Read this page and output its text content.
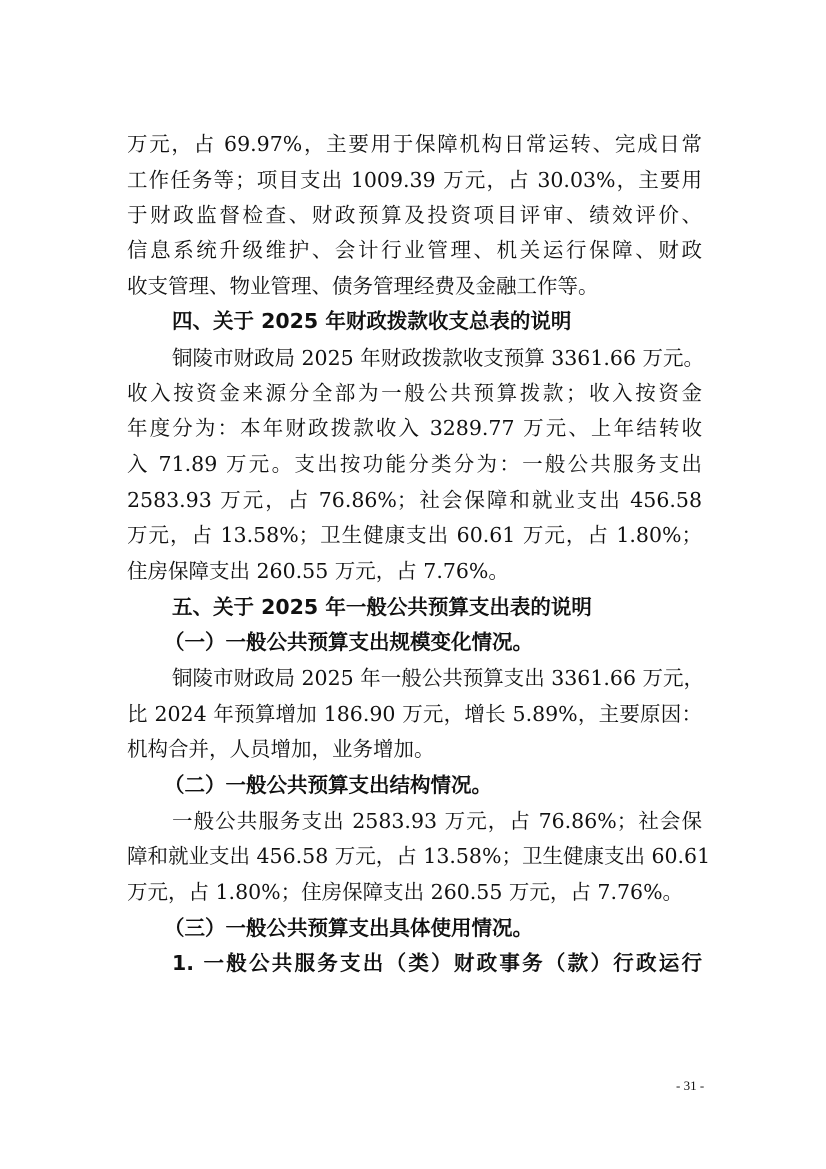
万元，占 69.97%，主要用于保障机构日常运转、完成日常
工作任务等；项目支出 1009.39 万元，占 30.03%，主要用
于财政监督检查、财政预算及投资项目评审、绩效评价、
信息系统升级维护、会计行业管理、机关运行保障、财政
收支管理、物业管理、债务管理经费及金融工作等。
四、关于 2025 年财政拨款收支总表的说明
铜陵市财政局 2025 年财政拨款收支预算 3361.66 万元。
收入按资金来源分全部为一般公共预算拨款；收入按资金
年度分为：本年财政拨款收入 3289.77 万元、上年结转收
入 71.89 万元。支出按功能分类分为：一般公共服务支出
2583.93 万元，占 76.86%；社会保障和就业支出 456.58
万元，占 13.58%；卫生健康支出 60.61 万元，占 1.80%；
住房保障支出 260.55 万元，占 7.76%。
五、关于 2025 年一般公共预算支出表的说明
（一）一般公共预算支出规模变化情况。
铜陵市财政局 2025 年一般公共预算支出 3361.66 万元，
比 2024 年预算增加 186.90 万元，增长 5.89%，主要原因：
机构合并，人员增加，业务增加。
（二）一般公共预算支出结构情况。
一般公共服务支出 2583.93 万元，占 76.86%；社会保
障和就业支出 456.58 万元，占 13.58%；卫生健康支出 60.61
万元，占 1.80%；住房保障支出 260.55 万元，占 7.76%。
（三）一般公共预算支出具体使用情况。
1. 一般公共服务支出（类）财政事务（款）行政运行
- 31 -
